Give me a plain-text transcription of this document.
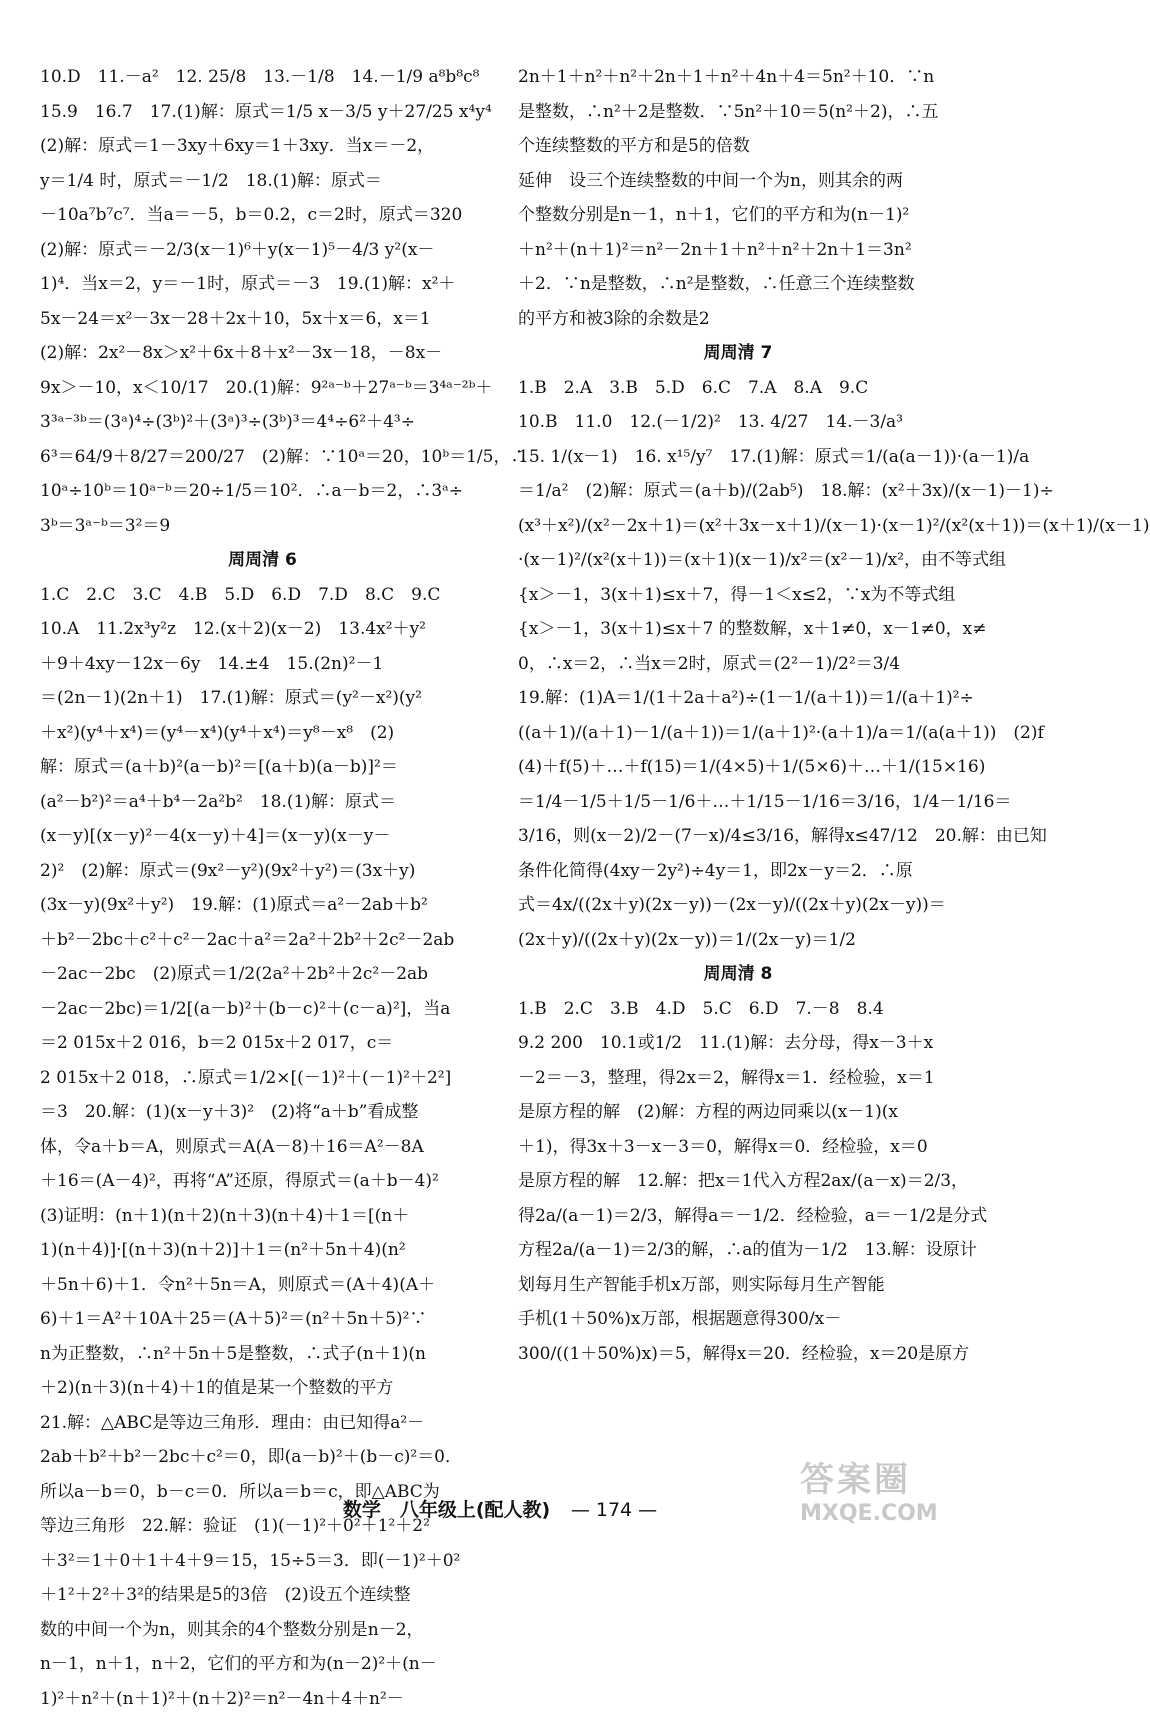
10.D　11.－a²　12. 25/8　13.－1/8　14.－1/9 a⁸b⁸c⁸
15.9　16.7　17.(1)解：原式＝1/5 x－3/5 y＋27/25 x⁴y⁴
(2)解：原式＝1－3xy＋6xy＝1＋3xy．当x＝－2，
y＝1/4 时，原式＝－1/2　18.(1)解：原式＝
－10a⁷b⁷c⁷．当a＝－5，b＝0.2，c＝2时，原式＝320
(2)解：原式＝－2/3(x－1)⁶＋y(x－1)⁵－4/3 y²(x－
1)⁴．当x＝2，y＝－1时，原式＝－3　19.(1)解：x²＋
5x－24＝x²－3x－28＋2x＋10，5x＋x＝6，x＝1
(2)解：2x²－8x＞x²＋6x＋8＋x²－3x－18，－8x－
9x＞－10，x＜10/17　20.(1)解：9²ᵃ⁻ᵇ＋27ᵃ⁻ᵇ＝3⁴ᵃ⁻²ᵇ＋
3³ᵃ⁻³ᵇ＝(3ᵃ)⁴÷(3ᵇ)²＋(3ᵃ)³÷(3ᵇ)³＝4⁴÷6²＋4³÷
6³＝64/9＋8/27＝200/27　(2)解：∵10ᵃ＝20，10ᵇ＝1/5，∴
10ᵃ÷10ᵇ＝10ᵃ⁻ᵇ＝20÷1/5＝10²．∴a－b＝2，∴3ᵃ÷
3ᵇ＝3ᵃ⁻ᵇ＝3²＝9
周周清 6
1.C　2.C　3.C　4.B　5.D　6.D　7.D　8.C　9.C
10.A　11.2x³y²z　12.(x＋2)(x－2)　13.4x²＋y²
＋9＋4xy－12x－6y　14.±4　15.(2n)²－1
＝(2n－1)(2n＋1)　17.(1)解：原式＝(y²－x²)(y²
＋x²)(y⁴＋x⁴)＝(y⁴－x⁴)(y⁴＋x⁴)＝y⁸－x⁸　(2)
解：原式＝(a＋b)²(a－b)²＝[(a＋b)(a－b)]²＝
(a²－b²)²＝a⁴＋b⁴－2a²b²　18.(1)解：原式＝
(x－y)[(x－y)²－4(x－y)＋4]＝(x－y)(x－y－
2)²　(2)解：原式＝(9x²－y²)(9x²＋y²)＝(3x＋y)
(3x－y)(9x²＋y²)　19.解：(1)原式＝a²－2ab＋b²
＋b²－2bc＋c²＋c²－2ac＋a²＝2a²＋2b²＋2c²－2ab
－2ac－2bc　(2)原式＝1/2(2a²＋2b²＋2c²－2ab
－2ac－2bc)＝1/2[(a－b)²＋(b－c)²＋(c－a)²]，当a
＝2 015x＋2 016，b＝2 015x＋2 017，c＝
2 015x＋2 018，∴原式＝1/2×[(－1)²＋(－1)²＋2²]
＝3　20.解：(1)(x－y＋3)²　(2)将“a＋b”看成整
体，令a＋b＝A，则原式＝A(A－8)＋16＝A²－8A
＋16＝(A－4)²，再将“A”还原，得原式＝(a＋b－4)²
(3)证明：(n＋1)(n＋2)(n＋3)(n＋4)＋1＝[(n＋
1)(n＋4)]·[(n＋3)(n＋2)]＋1＝(n²＋5n＋4)(n²
＋5n＋6)＋1．令n²＋5n＝A，则原式＝(A＋4)(A＋
6)＋1＝A²＋10A＋25＝(A＋5)²＝(n²＋5n＋5)²∵
n为正整数，∴n²＋5n＋5是整数，∴式子(n＋1)(n
＋2)(n＋3)(n＋4)＋1的值是某一个整数的平方
21.解：△ABC是等边三角形．理由：由已知得a²－
2ab＋b²＋b²－2bc＋c²＝0，即(a－b)²＋(b－c)²＝0．
所以a－b＝0，b－c＝0．所以a＝b＝c，即△ABC为
等边三角形　22.解：验证　(1)(－1)²＋0²＋1²＋2²
＋3²＝1＋0＋1＋4＋9＝15，15÷5＝3．即(－1)²＋0²
＋1²＋2²＋3²的结果是5的3倍　(2)设五个连续整
数的中间一个为n，则其余的4个整数分别是n－2，
n－1，n＋1，n＋2，它们的平方和为(n－2)²＋(n－
1)²＋n²＋(n＋1)²＋(n＋2)²＝n²－4n＋4＋n²－
2n＋1＋n²＋n²＋2n＋1＋n²＋4n＋4＝5n²＋10．∵n
是整数，∴n²＋2是整数．∵5n²＋10＝5(n²＋2)，∴五
个连续整数的平方和是5的倍数
延伸　设三个连续整数的中间一个为n，则其余的两
个整数分别是n－1，n＋1，它们的平方和为(n－1)²
＋n²＋(n＋1)²＝n²－2n＋1＋n²＋n²＋2n＋1＝3n²
＋2．∵n是整数，∴n²是整数，∴任意三个连续整数
的平方和被3除的余数是2
周周清 7
1.B　2.A　3.B　5.D　6.C　7.A　8.A　9.C
10.B　11.0　12.(－1/2)²　13. 4/27　14.－3/a³
15. 1/(x－1)　16. x¹⁵/y⁷　17.(1)解：原式＝1/(a(a－1))·(a－1)/a
＝1/a²　(2)解：原式＝(a＋b)/(2ab⁵)　18.解：(x²＋3x)/(x－1)－1)÷
(x³＋x²)/(x²－2x＋1)＝(x²＋3x－x＋1)/(x－1)·(x－1)²/(x²(x＋1))＝(x＋1)/(x－1)
·(x－1)²/(x²(x＋1))＝(x＋1)(x－1)/x²＝(x²－1)/x²，由不等式组
{x＞－1，3(x＋1)≤x＋7，得－1＜x≤2，∵x为不等式组
{x＞－1，3(x＋1)≤x＋7 的整数解，x＋1≠0，x－1≠0，x≠
0，∴x＝2，∴当x＝2时，原式＝(2²－1)/2²＝3/4
19.解：(1)A＝1/(1＋2a＋a²)÷(1－1/(a＋1))＝1/(a＋1)²÷
((a＋1)/(a＋1)－1/(a＋1))＝1/(a＋1)²·(a＋1)/a＝1/(a(a＋1))　(2)f
(4)＋f(5)＋…＋f(15)＝1/(4×5)＋1/(5×6)＋…＋1/(15×16)
＝1/4－1/5＋1/5－1/6＋…＋1/15－1/16＝3/16，1/4－1/16＝
3/16，则(x－2)/2－(7－x)/4≤3/16，解得x≤47/12　20.解：由已知
条件化简得(4xy－2y²)÷4y＝1，即2x－y＝2．∴原
式＝4x/((2x＋y)(2x－y))－(2x－y)/((2x＋y)(2x－y))＝
(2x＋y)/((2x＋y)(2x－y))＝1/(2x－y)＝1/2
周周清 8
1.B　2.C　3.B　4.D　5.C　6.D　7.－8　8.4
9.2 200　10.1或1/2　11.(1)解：去分母，得x－3＋x
－2＝－3，整理，得2x＝2，解得x＝1．经检验，x＝1
是原方程的解　(2)解：方程的两边同乘以(x－1)(x
＋1)，得3x＋3－x－3＝0，解得x＝0．经检验，x＝0
是原方程的解　12.解：把x＝1代入方程2ax/(a－x)＝2/3，
得2a/(a－1)＝2/3，解得a＝－1/2．经检验，a＝－1/2是分式
方程2a/(a－1)＝2/3的解，∴a的值为－1/2　13.解：设原计
划每月生产智能手机x万部，则实际每月生产智能
手机(1＋50%)x万部，根据题意得300/x－
300/((1＋50%)x)＝5，解得x＝20．经检验，x＝20是原方
数学　八年级上(配人教) — 174 —
答案圈
MXQE.COM
